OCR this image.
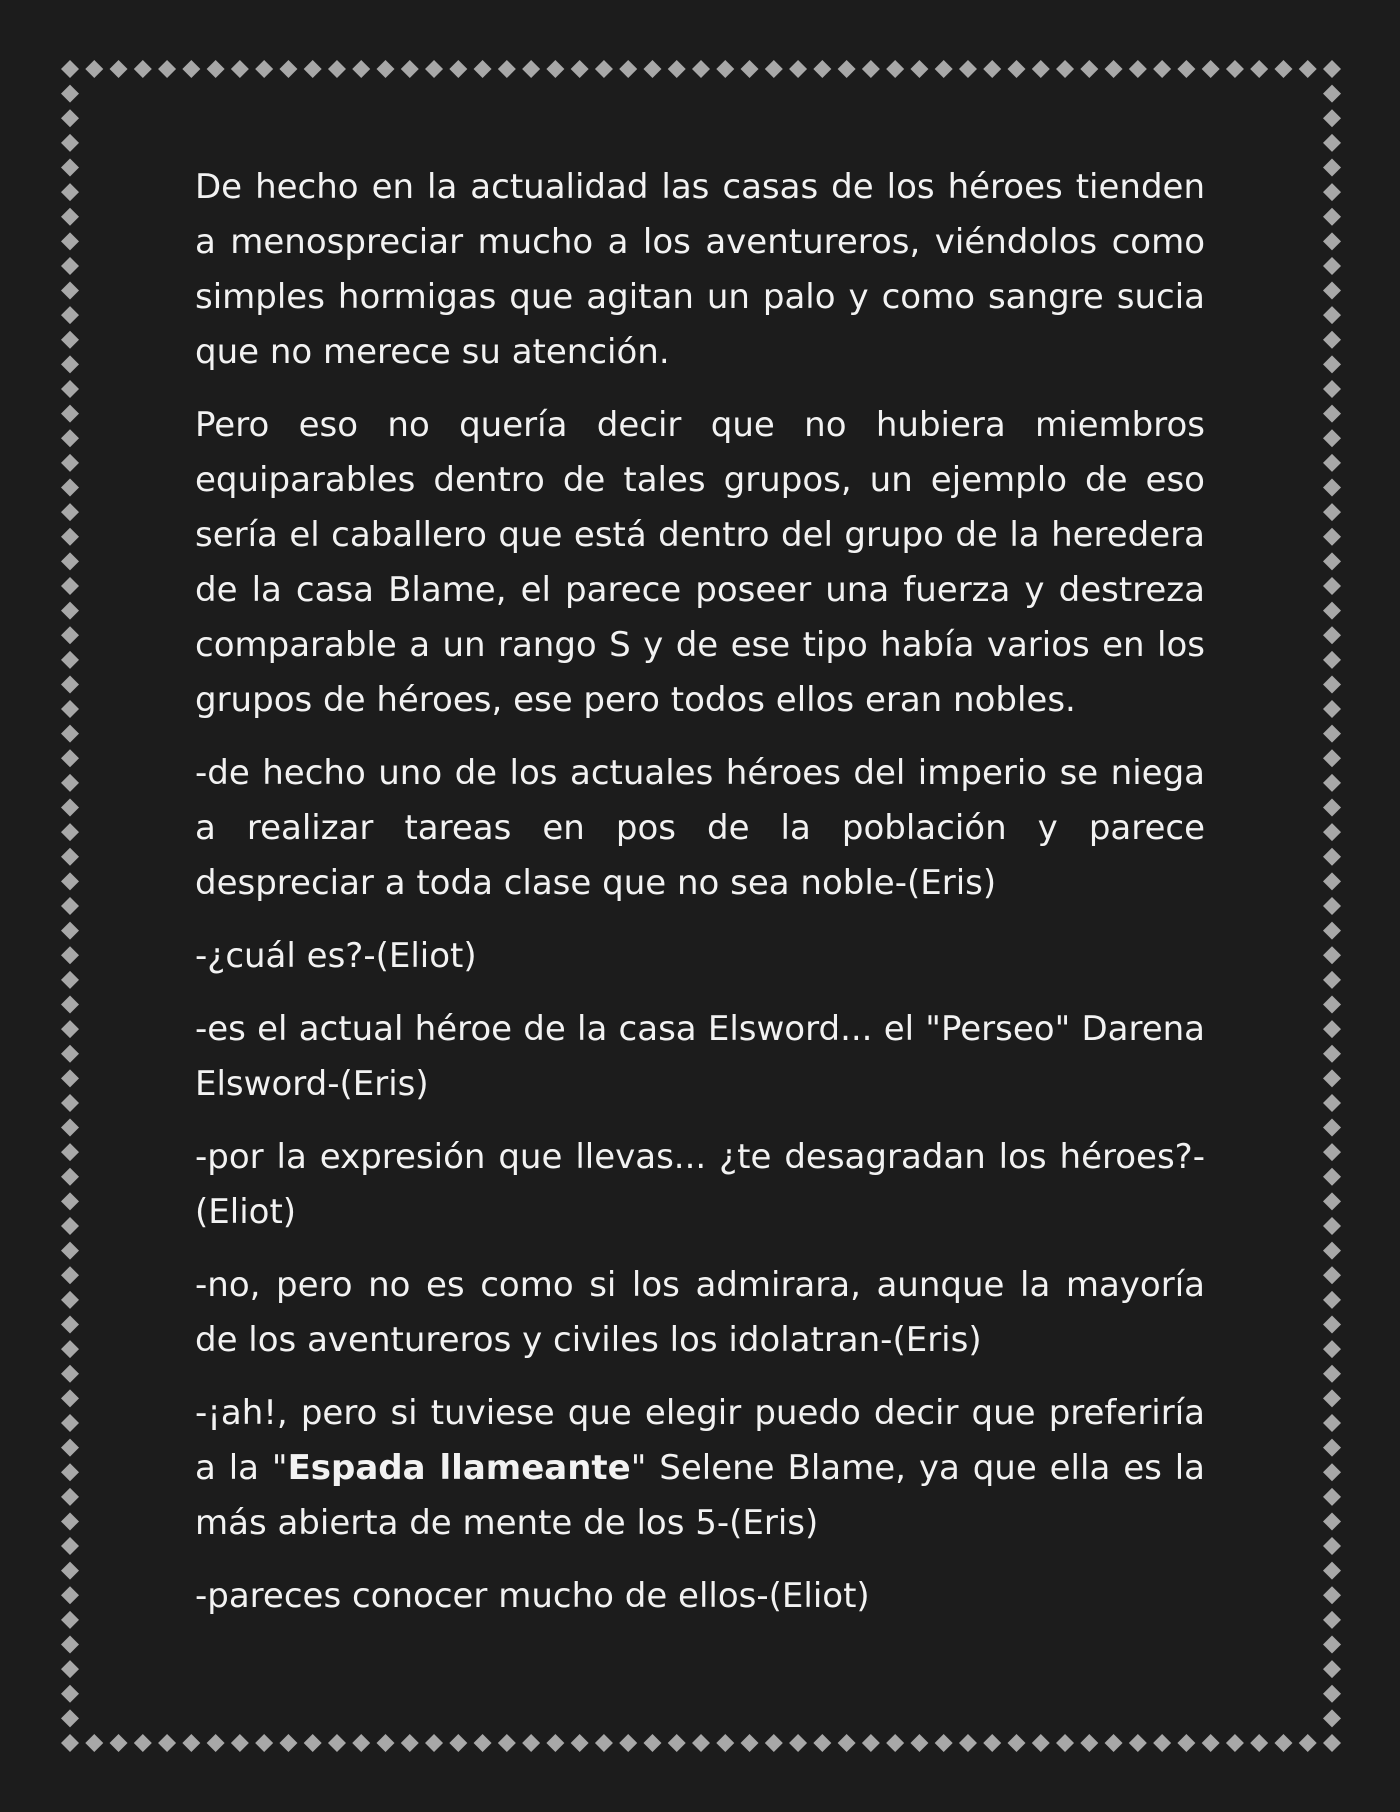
De hecho en la actualidad las casas de los héroes tienden a menospreciar mucho a los aventureros, viéndolos como simples hormigas que agitan un palo y como sangre sucia que no merece su atención.

Pero eso no quería decir que no hubiera miembros equiparables dentro de tales grupos, un ejemplo de eso sería el caballero que está dentro del grupo de la heredera de la casa Blame, el parece poseer una fuerza y destreza comparable a un rango S y de ese tipo había varios en los grupos de héroes, ese pero todos ellos eran nobles.

-de hecho uno de los actuales héroes del imperio se niega a realizar tareas en pos de la población y parece despreciar a toda clase que no sea noble-(Eris)

-¿cuál es?-(Eliot)

-es el actual héroe de la casa Elsword... el "Perseo" Darena Elsword-(Eris)

-por la expresión que llevas... ¿te desagradan los héroes?-(Eliot)

-no, pero no es como si los admirara, aunque la mayoría de los aventureros y civiles los idolatran-(Eris)

-¡ah!, pero si tuviese que elegir puedo decir que preferiría a la "Espada llameante" Selene Blame, ya que ella es la más abierta de mente de los 5-(Eris)

-pareces conocer mucho de ellos-(Eliot)
